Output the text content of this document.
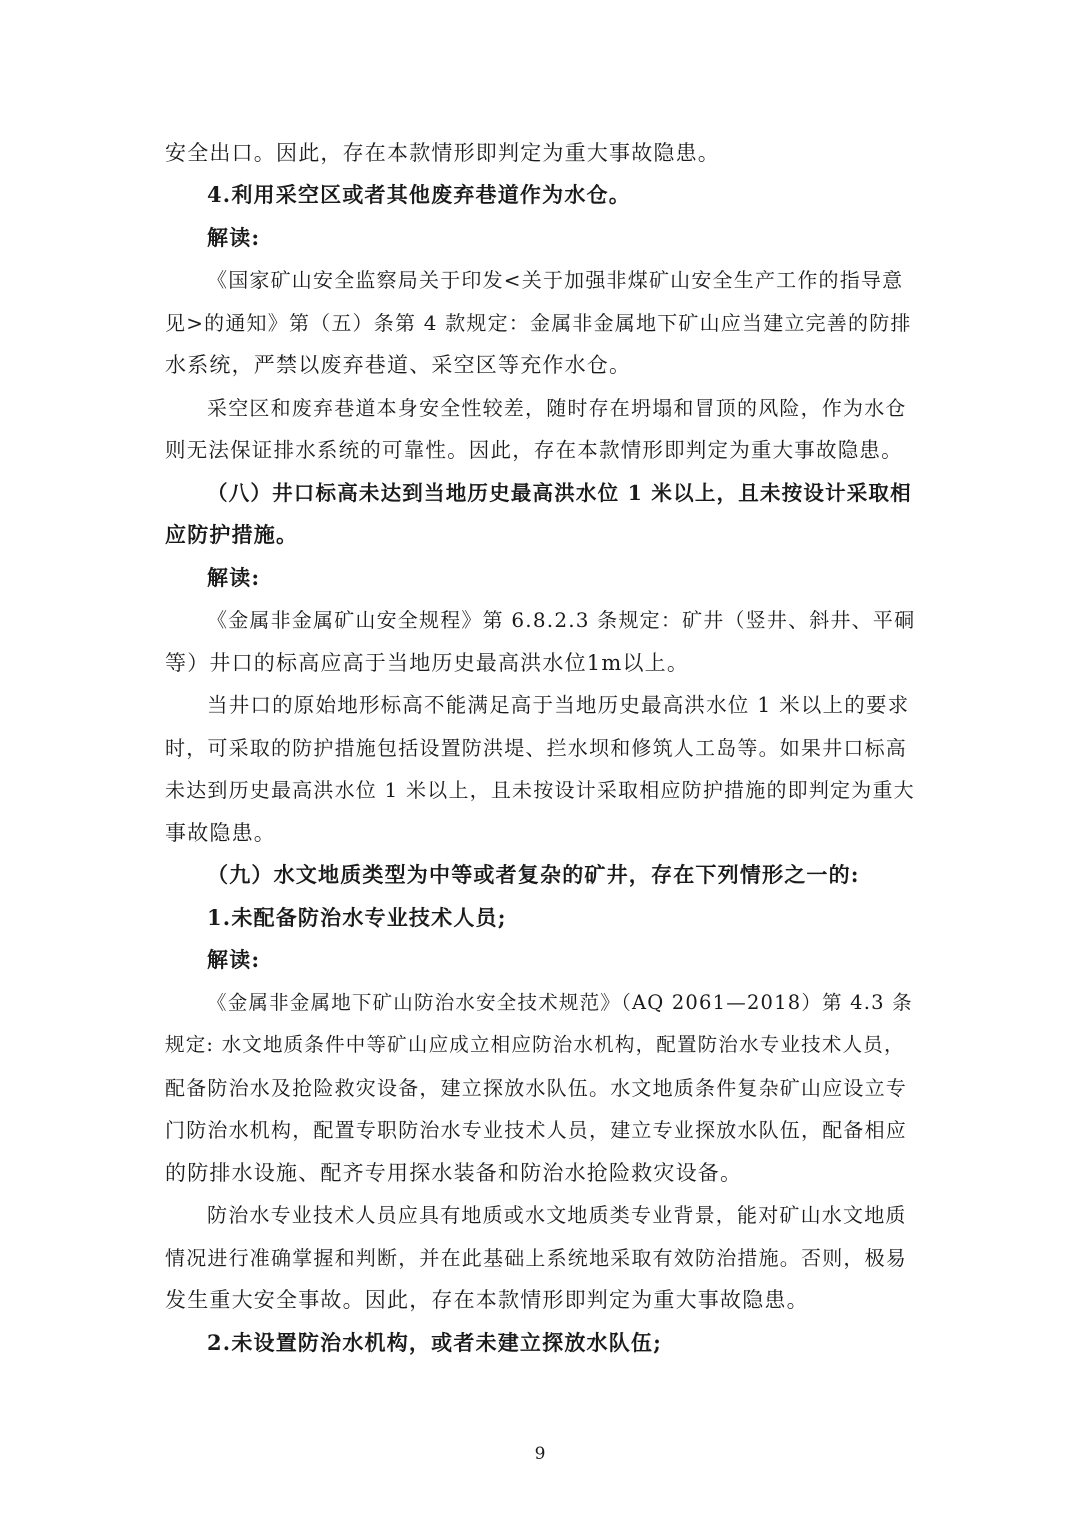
安全出口。因此，存在本款情形即判定为重大事故隐患。
4.利用采空区或者其他废弃巷道作为水仓。
解读:
《国家矿山安全监察局关于印发<关于加强非煤矿山安全生产工作的指导意
见>的通知》第（五）条第 4 款规定：金属非金属地下矿山应当建立完善的防排
水系统，严禁以废弃巷道、采空区等充作水仓。
采空区和废弃巷道本身安全性较差，随时存在坍塌和冒顶的风险，作为水仓
则无法保证排水系统的可靠性。因此，存在本款情形即判定为重大事故隐患。
（八）井口标高未达到当地历史最高洪水位 1 米以上，且未按设计采取相
应防护措施。
解读:
《金属非金属矿山安全规程》第 6.8.2.3 条规定：矿井（竖井、斜井、平硐
等）井口的标高应高于当地历史最高洪水位1m以上。
当井口的原始地形标高不能满足高于当地历史最高洪水位 1 米以上的要求
时，可采取的防护措施包括设置防洪堤、拦水坝和修筑人工岛等。如果井口标高
未达到历史最高洪水位 1 米以上，且未按设计采取相应防护措施的即判定为重大
事故隐患。
（九）水文地质类型为中等或者复杂的矿井，存在下列情形之一的:
1.未配备防治水专业技术人员;
解读:
《金属非金属地下矿山防治水安全技术规范》（AQ 2061—2018）第 4.3 条
规定: 水文地质条件中等矿山应成立相应防治水机构，配置防治水专业技术人员，
配备防治水及抢险救灾设备，建立探放水队伍。水文地质条件复杂矿山应设立专
门防治水机构，配置专职防治水专业技术人员，建立专业探放水队伍，配备相应
的防排水设施、配齐专用探水装备和防治水抢险救灾设备。
防治水专业技术人员应具有地质或水文地质类专业背景，能对矿山水文地质
情况进行准确掌握和判断，并在此基础上系统地采取有效防治措施。否则，极易
发生重大安全事故。因此，存在本款情形即判定为重大事故隐患。
2.未设置防治水机构，或者未建立探放水队伍;
9
